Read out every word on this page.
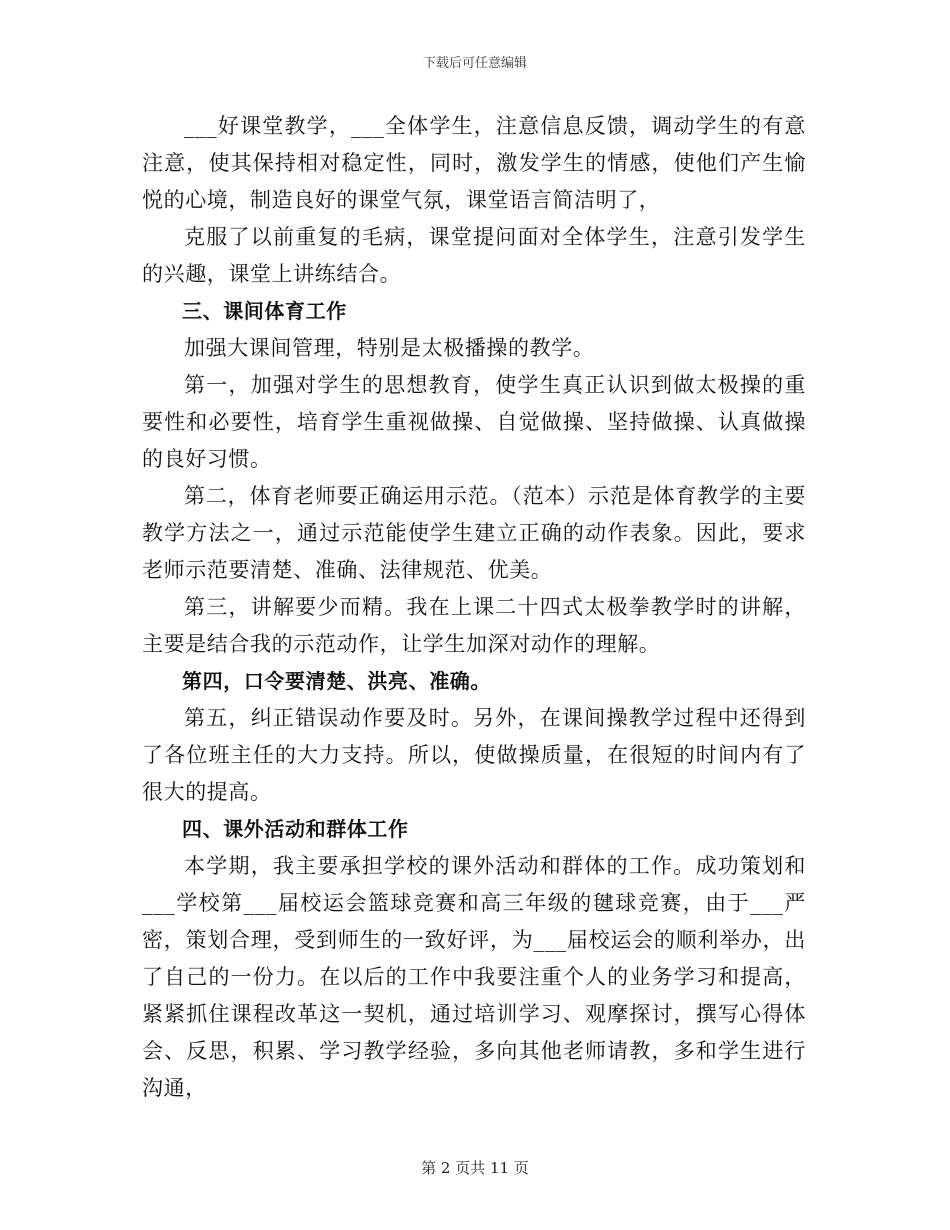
下载后可任意编辑

___好课堂教学，___全体学生，注意信息反馈，调动学生的有意注意，使其保持相对稳定性，同时，激发学生的情感，使他们产生愉悦的心境，制造良好的课堂气氛，课堂语言简洁明了，

克服了以前重复的毛病，课堂提问面对全体学生，注意引发学生的兴趣，课堂上讲练结合。

三、课间体育工作

加强大课间管理，特别是太极播操的教学。

第一，加强对学生的思想教育，使学生真正认识到做太极操的重要性和必要性，培育学生重视做操、自觉做操、坚持做操、认真做操的良好习惯。

第二，体育老师要正确运用示范。（范本）示范是体育教学的主要教学方法之一，通过示范能使学生建立正确的动作表象。因此，要求老师示范要清楚、准确、法律规范、优美。

第三，讲解要少而精。我在上课二十四式太极拳教学时的讲解，主要是结合我的示范动作，让学生加深对动作的理解。

第四，口令要清楚、洪亮、准确。

第五，纠正错误动作要及时。另外，在课间操教学过程中还得到了各位班主任的大力支持。所以，使做操质量，在很短的时间内有了很大的提高。

四、课外活动和群体工作

本学期，我主要承担学校的课外活动和群体的工作。成功策划和___学校第___届校运会篮球竞赛和高三年级的毽球竞赛，由于___严密，策划合理，受到师生的一致好评，为___届校运会的顺利举办，出了自己的一份力。在以后的工作中我要注重个人的业务学习和提高，紧紧抓住课程改革这一契机，通过培训学习、观摩探讨，撰写心得体会、反思，积累、学习教学经验，多向其他老师请教，多和学生进行沟通，

第 2 页共 11 页
